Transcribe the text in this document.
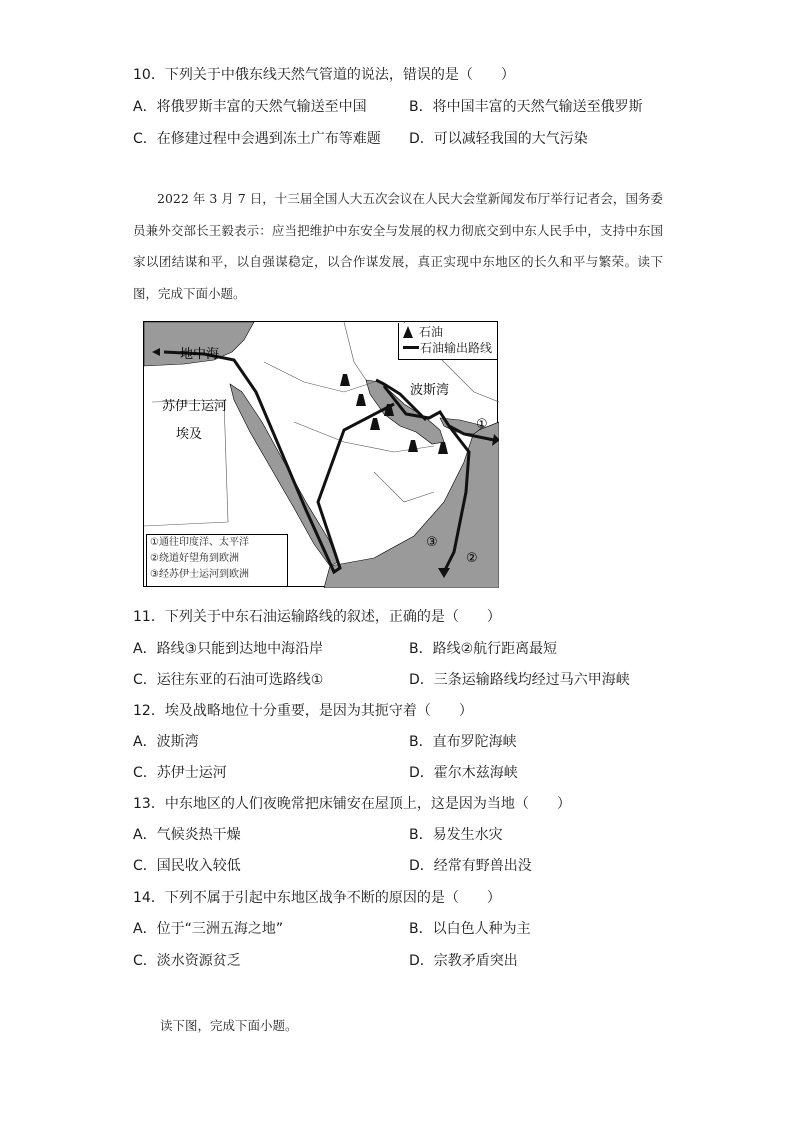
10．下列关于中俄东线天然气管道的说法，错误的是（　　）
A．将俄罗斯丰富的天然气输送至中国	B．将中国丰富的天然气输送至俄罗斯
C．在修建过程中会遇到冻土广布等难题 D．可以减轻我国的大气污染
2022 年 3 月 7 日，十三届全国人大五次会议在人民大会堂新闻发布厅举行记者会，国务委员兼外交部长王毅表示：应当把维护中东安全与发展的权力彻底交到中东人民手中，支持中东国家以团结谋和平，以自强谋稳定，以合作谋发展，真正实现中东地区的长久和平与繁荣。读下图，完成下面小题。
地中海
苏伊士运河
埃及
波斯湾
①
②
③
石油
石油输出路线
①通往印度洋、太平洋
②绕道好望角到欧洲
③经苏伊士运河到欧洲
11．下列关于中东石油运输路线的叙述，正确的是（　　）
A．路线③只能到达地中海沿岸	B．路线②航行距离最短
C．运往东亚的石油可选路线①	D．三条运输路线均经过马六甲海峡
12．埃及战略地位十分重要，是因为其扼守着（　　）
A．波斯湾	B．直布罗陀海峡
C．苏伊士运河	D．霍尔木兹海峡
13．中东地区的人们夜晚常把床铺安在屋顶上，这是因为当地（　　）
A．气候炎热干燥	B．易发生水灾
C．国民收入较低	D．经常有野兽出没
14．下列不属于引起中东地区战争不断的原因的是（　　）
A．位于“三洲五海之地”	B．以白色人种为主
C．淡水资源贫乏	D．宗教矛盾突出
读下图，完成下面小题。
